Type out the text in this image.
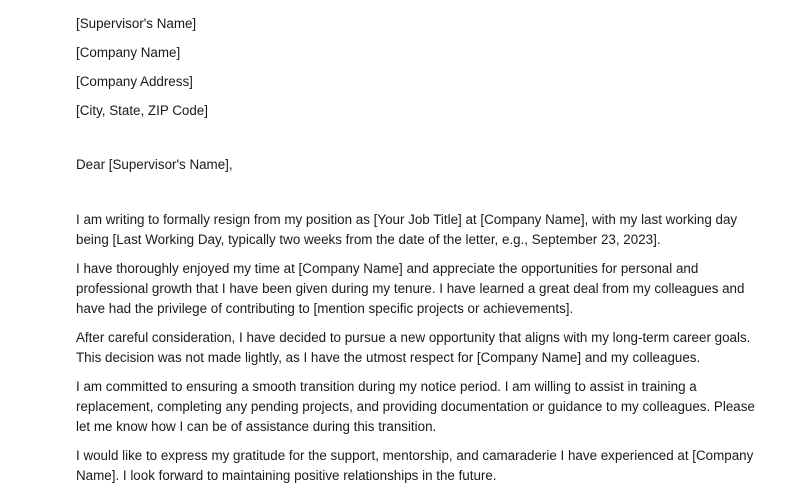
[Supervisor's Name]

[Company Name]

[Company Address]

[City, State, ZIP Code]

Dear [Supervisor's Name],

I am writing to formally resign from my position as [Your Job Title] at [Company Name], with my last working day being [Last Working Day, typically two weeks from the date of the letter, e.g., September 23, 2023].

I have thoroughly enjoyed my time at [Company Name] and appreciate the opportunities for personal and professional growth that I have been given during my tenure. I have learned a great deal from my colleagues and have had the privilege of contributing to [mention specific projects or achievements].

After careful consideration, I have decided to pursue a new opportunity that aligns with my long-term career goals. This decision was not made lightly, as I have the utmost respect for [Company Name] and my colleagues.

I am committed to ensuring a smooth transition during my notice period. I am willing to assist in training a replacement, completing any pending projects, and providing documentation or guidance to my colleagues. Please let me know how I can be of assistance during this transition.

I would like to express my gratitude for the support, mentorship, and camaraderie I have experienced at [Company Name]. I look forward to maintaining positive relationships in the future.
